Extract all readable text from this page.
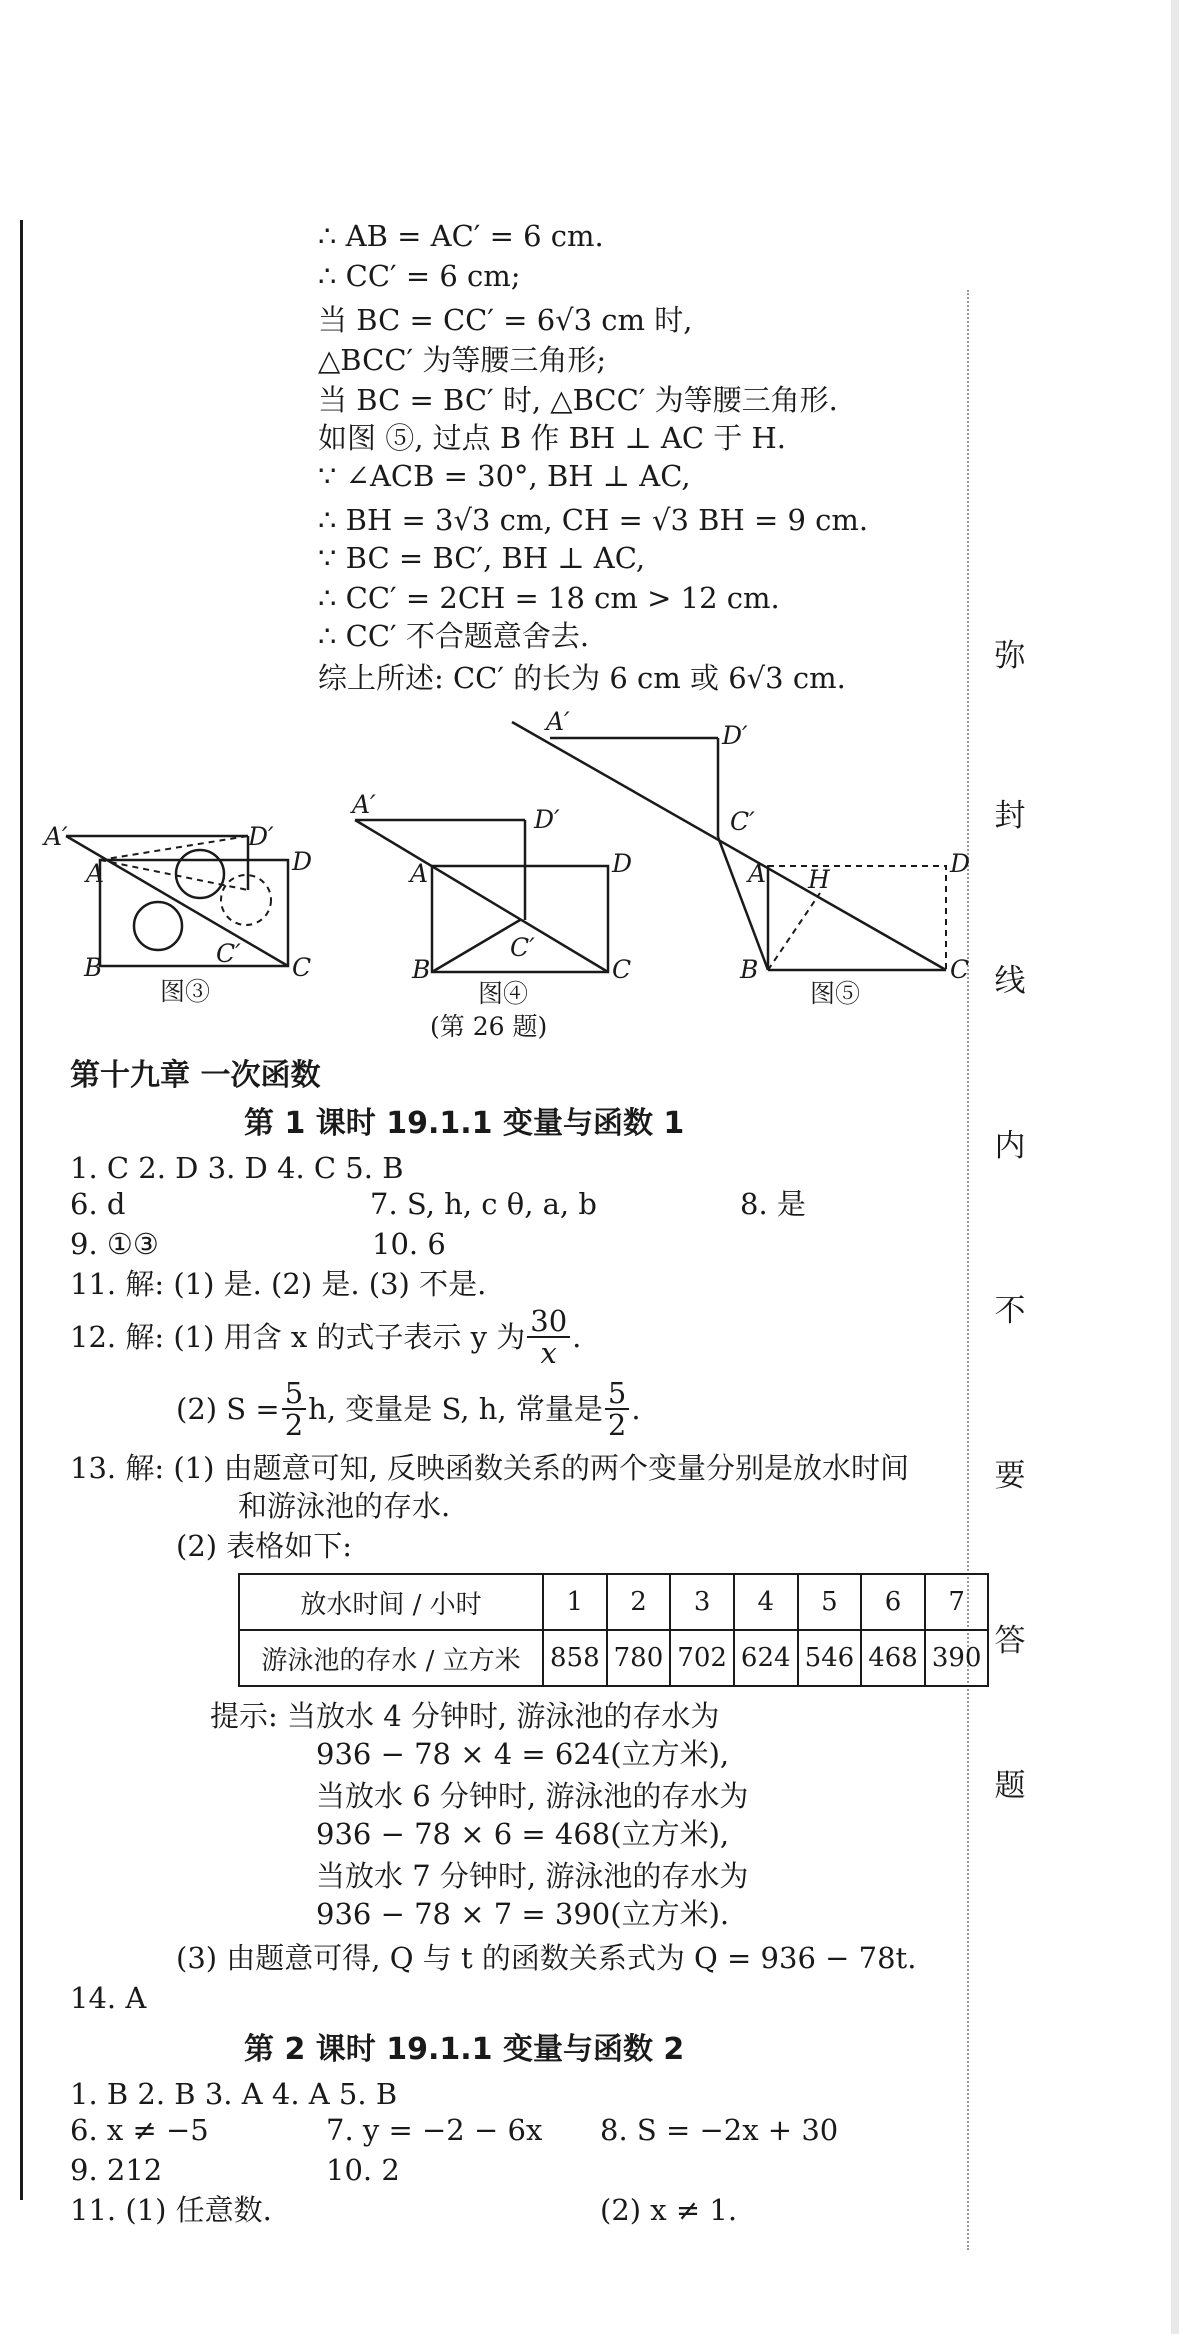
弥
封
线
内
不
要
答
题
∴ AB = AC′ = 6 cm.
∴ CC′ = 6 cm;
当 BC = CC′ = 6√3 cm 时,
△BCC′ 为等腰三角形;
当 BC = BC′ 时, △BCC′ 为等腰三角形.
如图 ⑤, 过点 B 作 BH ⊥ AC 于 H.
∵ ∠ACB = 30°, BH ⊥ AC,
∴ BH = 3√3 cm, CH = √3 BH = 9 cm.
∵ BC = BC′, BH ⊥ AC,
∴ CC′ = 2CH = 18 cm > 12 cm.
∴ CC′ 不合题意舍去.
综上所述: CC′ 的长为 6 cm 或 6√3 cm.
A′
A
D′
D
B	C′ C
图③
A′
A
D′
D
B
C′
C
图④
A′	D′
C′
A H
D
B	C
图⑤
(第 26 题)
第十九章 一次函数
第 1 课时 19.1.1 变量与函数 1
1. C 2. D 3. D 4. C 5. B
6. d	7. S, h, c θ, a, b	8. 是
9. ①③	10. 6
11. 解: (1) 是. (2) 是. (3) 不是.
12. 解: (1) 用含 x 的式子表示 y 为 $\frac{30}{x}$ .
(2) $S = \frac{5}{2} h$, 变量是 S, h, 常量是 $\frac{5}{2}$ .
13. 解: (1) 由题意可知, 反映函数关系的两个变量分别是放水时间
和游泳池的存水.
(2) 表格如下:
放水时间 / 小时	1	2	3	4	5	6	7
游泳池的存水 / 立方米	858	780	702	624	546	468	390
提示: 当放水 4 分钟时, 游泳池的存水为
936 − 78 × 4 = 624(立方米),
当放水 6 分钟时, 游泳池的存水为
936 − 78 × 6 = 468(立方米),
当放水 7 分钟时, 游泳池的存水为
936 − 78 × 7 = 390(立方米).
(3) 由题意可得, Q 与 t 的函数关系式为 Q = 936 − 78t.
14. A
第 2 课时 19.1.1 变量与函数 2
1. B 2. B 3. A 4. A 5. B
6. x ≠ −5	7. y = −2 − 6x 8. S = −2x + 30
9. 212	10. 2
11. (1) 任意数.	(2) x ≠ 1.
